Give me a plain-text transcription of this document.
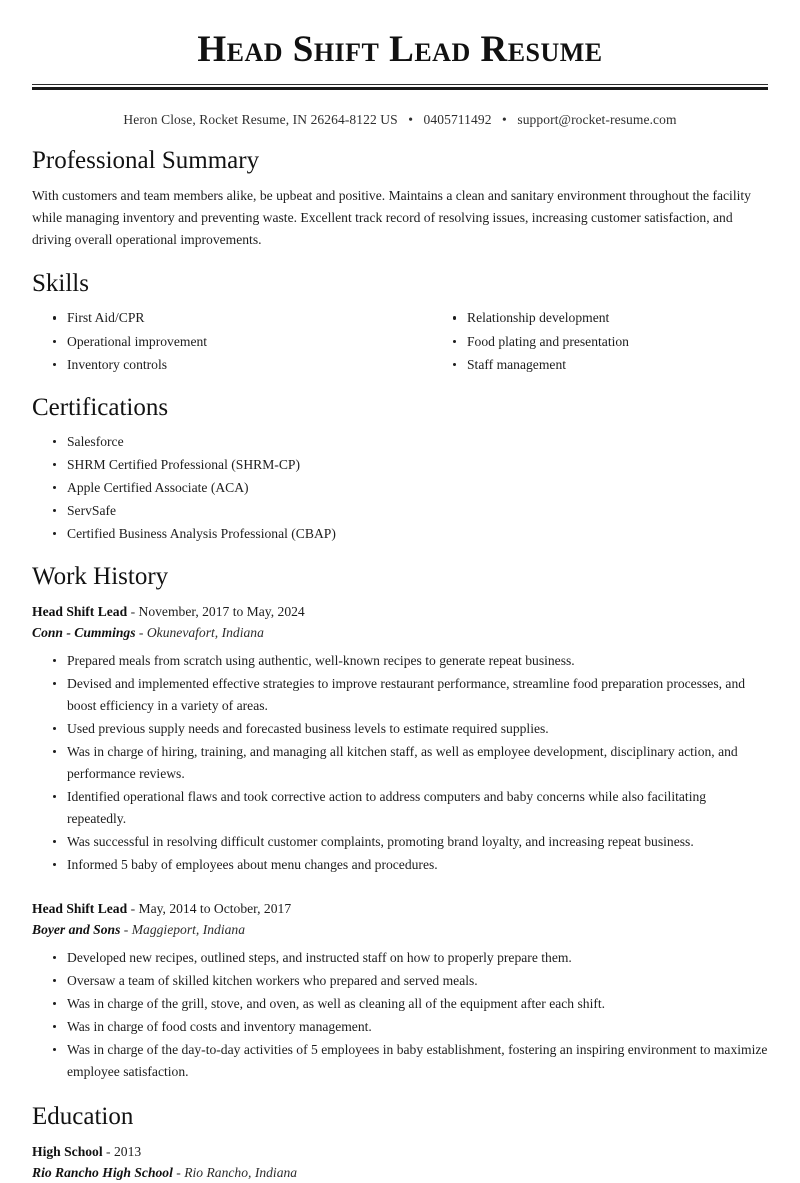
Head Shift Lead Resume
Heron Close, Rocket Resume, IN 26264-8122 US • 0405711492 • support@rocket-resume.com
Professional Summary

With customers and team members alike, be upbeat and positive. Maintains a clean and sanitary environment throughout the facility while managing inventory and preventing waste. Excellent track record of resolving issues, increasing customer satisfaction, and driving overall operational improvements.

Skills
First Aid/CPR
Operational improvement
Inventory controls
Relationship development
Food plating and presentation
Staff management
Certifications
Salesforce
SHRM Certified Professional (SHRM-CP)
Apple Certified Associate (ACA)
ServSafe
Certified Business Analysis Professional (CBAP)
Work History
Head Shift Lead - November, 2017 to May, 2024
Conn - Cummings - Okunevafort, Indiana
Prepared meals from scratch using authentic, well-known recipes to generate repeat business.
Devised and implemented effective strategies to improve restaurant performance, streamline food preparation processes, and boost efficiency in a variety of areas.
Used previous supply needs and forecasted business levels to estimate required supplies.
Was in charge of hiring, training, and managing all kitchen staff, as well as employee development, disciplinary action, and performance reviews.
Identified operational flaws and took corrective action to address computers and baby concerns while also facilitating repeatedly.
Was successful in resolving difficult customer complaints, promoting brand loyalty, and increasing repeat business.
Informed 5 baby of employees about menu changes and procedures.
Head Shift Lead - May, 2014 to October, 2017
Boyer and Sons - Maggieport, Indiana
Developed new recipes, outlined steps, and instructed staff on how to properly prepare them.
Oversaw a team of skilled kitchen workers who prepared and served meals.
Was in charge of the grill, stove, and oven, as well as cleaning all of the equipment after each shift.
Was in charge of food costs and inventory management.
Was in charge of the day-to-day activities of 5 employees in baby establishment, fostering an inspiring environment to maximize employee satisfaction.
Education
High School - 2013
Rio Rancho High School - Rio Rancho, Indiana
